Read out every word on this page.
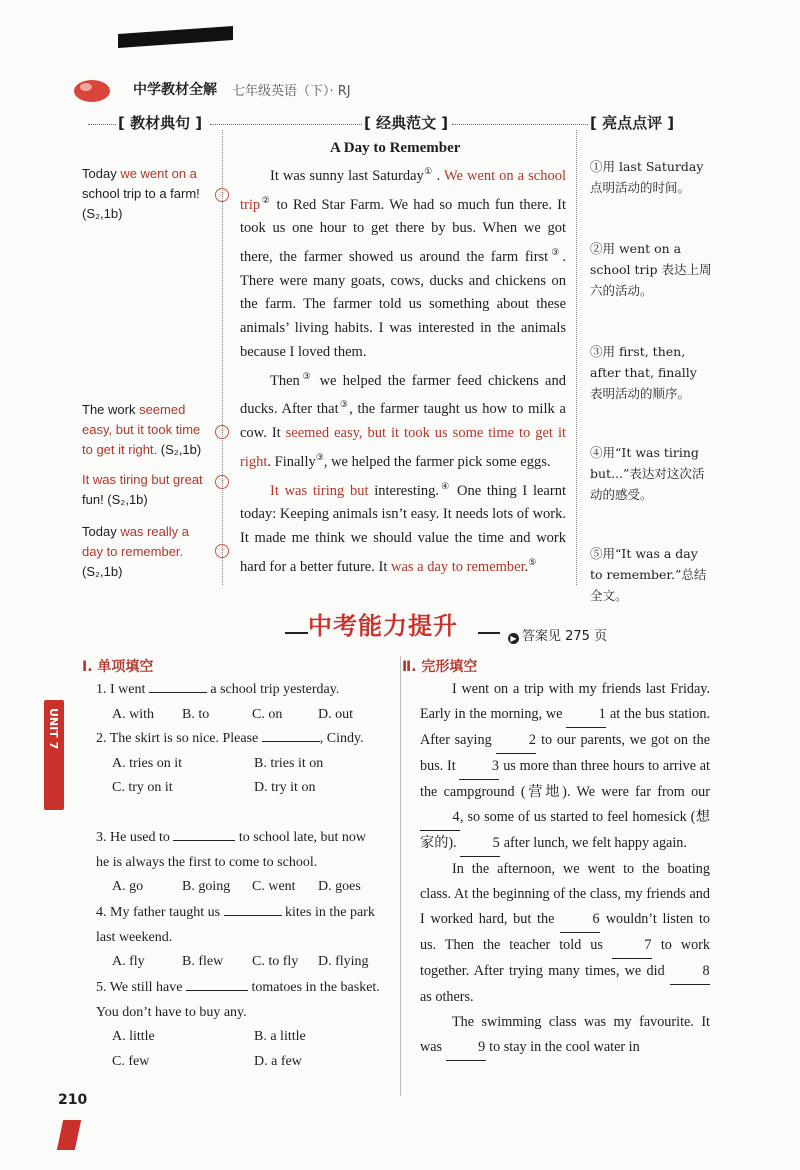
中学教材全解 七年级英语（下）· RJ
[ 教材典句 ]	[ 经典范文 ]	[ 亮点点评 ]
Today we went on a school trip to a farm! (S₂,1b)
☞
The work seemed easy, but it took time to get it right. (S₂,1b)
☞
It was tiring but great fun! (S₂,1b)
☞
Today was really a day to remember. (S₂,1b)
☞
A Day to Remember

It was sunny last Saturday① . We went on a school trip② to Red Star Farm. We had so much fun there. It took us one hour to get there by bus. When we got there, the farmer showed us around the farm first③. There were many goats, cows, ducks and chickens on the farm. The farmer told us something about these animals’ living habits. I was interested in the animals because I loved them.

Then③ we helped the farmer feed chickens and ducks. After that③, the farmer taught us how to milk a cow. It seemed easy, but it took us some time to get it right. Finally③, we helped the farmer pick some eggs.

It was tiring but interesting.④ One thing I learnt today: Keeping animals isn’t easy. It needs lots of work. It made me think we should value the time and work hard for a better future. It was a day to remember.⑤

①用 last Saturday 点明活动的时间。
②用 went on a school trip 表达上周六的活动。
③用 first, then, after that, finally 表明活动的顺序。
④用“It was tiring but...”表达对这次活动的感受。
⑤用“It was a day to remember.”总结全文。
中考能力提升	▶ 答案见 275 页
Ⅰ. 单项填空
1. I went	a school trip yesterday.
A. with B. to	C. on	D. out
2. The skirt is so nice. Please	, Cindy.
A. tries on it	B. tries it on
C. try on it	D. try it on
3. He used to	to school late, but now he is always the first to come to school.
A. go	B. going C. went D. goes
4. My father taught us	kites in the park last weekend.
A. fly	B. flew C. to fly D. flying
5. We still have	tomatoes in the basket. You don’t have to buy any.
A. little	B. a little
C. few	D. a few
Ⅱ. 完形填空

I went on a trip with my friends last Friday. Early in the morning, we 1 at the bus station. After saying 2 to our parents, we got on the bus. It 3 us more than three hours to arrive at the campground (营地). We were far from our 4, so some of us started to feel homesick (想家的). 5 after lunch, we felt happy again.

In the afternoon, we went to the boating class. At the beginning of the class, my friends and I worked hard, but the 6 wouldn’t listen to us. Then the teacher told us 7 to work together. After trying many times, we did 8 as others.

The swimming class was my favourite. It was 9 to stay in the cool water in

UNIT 7
210
